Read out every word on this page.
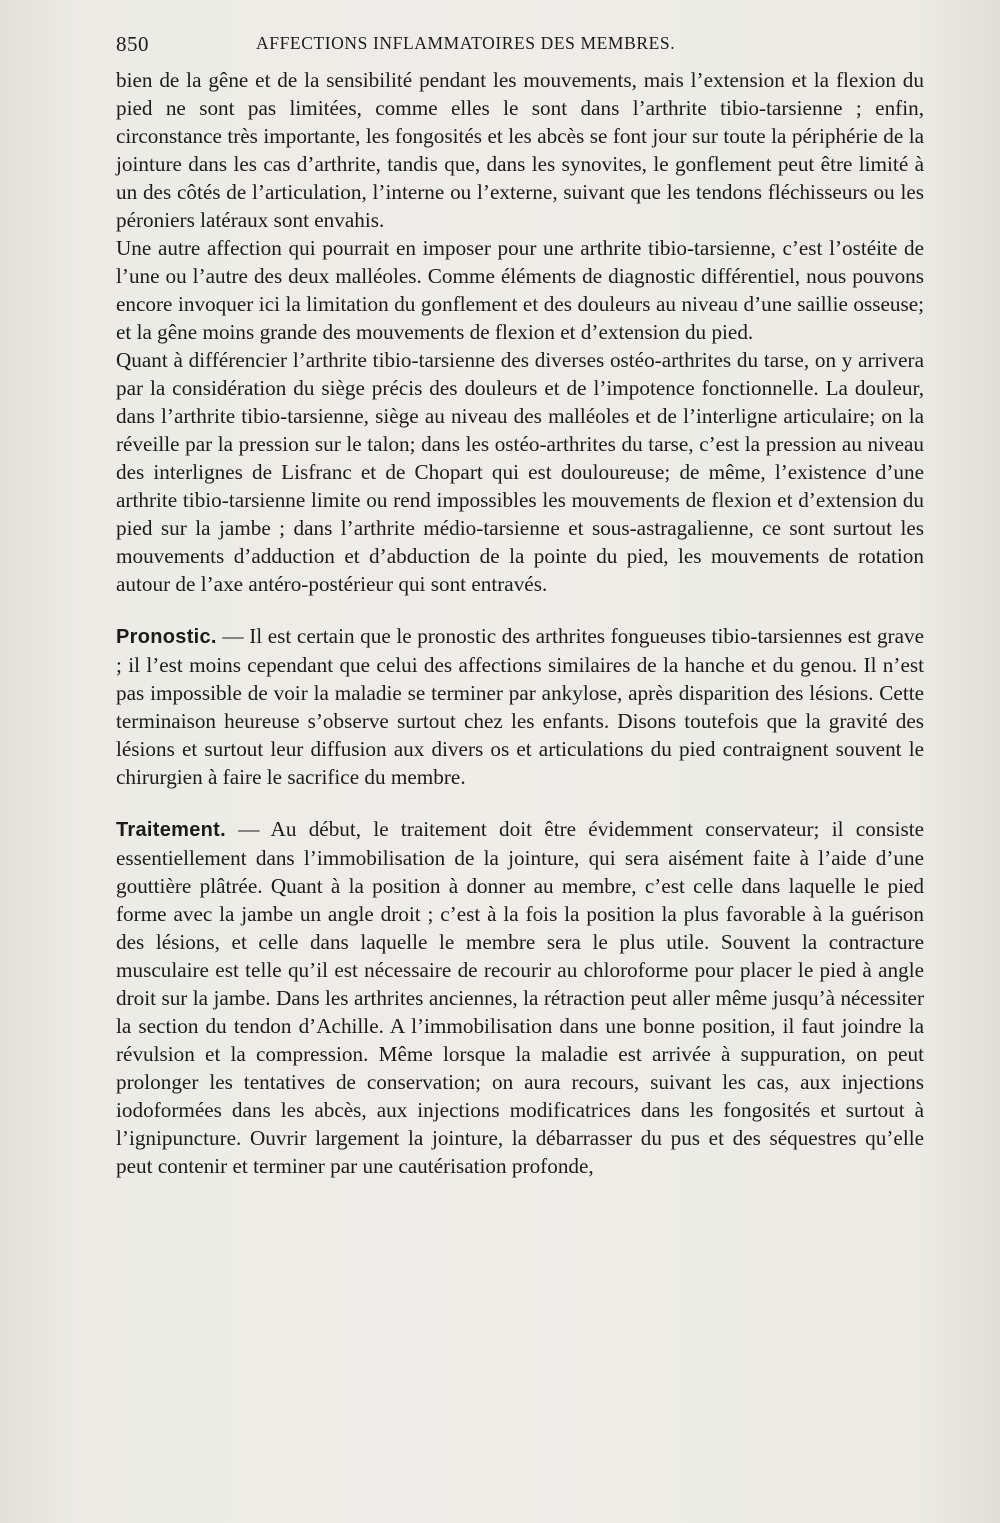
850	AFFECTIONS INFLAMMATOIRES DES MEMBRES.

bien de la gêne et de la sensibilité pendant les mouvements, mais l’extension et la flexion du pied ne sont pas limitées, comme elles le sont dans l’arthrite tibio-tarsienne ; enfin, circonstance très importante, les fongosités et les abcès se font jour sur toute la périphérie de la jointure dans les cas d’arthrite, tandis que, dans les synovites, le gonflement peut être limité à un des côtés de l’articulation, l’interne ou l’externe, suivant que les tendons fléchisseurs ou les péroniers latéraux sont envahis.

Une autre affection qui pourrait en imposer pour une arthrite tibio-tarsienne, c’est l’ostéite de l’une ou l’autre des deux malléoles. Comme éléments de diagnostic différentiel, nous pouvons encore invoquer ici la limitation du gonflement et des douleurs au niveau d’une saillie osseuse; et la gêne moins grande des mouvements de flexion et d’extension du pied.

Quant à différencier l’arthrite tibio-tarsienne des diverses ostéo-arthrites du tarse, on y arrivera par la considération du siège précis des douleurs et de l’impotence fonctionnelle. La douleur, dans l’arthrite tibio-tarsienne, siège au niveau des malléoles et de l’interligne articulaire; on la réveille par la pression sur le talon; dans les ostéo-arthrites du tarse, c’est la pression au niveau des interlignes de Lisfranc et de Chopart qui est douloureuse; de même, l’existence d’une arthrite tibio-tarsienne limite ou rend impossibles les mouvements de flexion et d’extension du pied sur la jambe ; dans l’arthrite médio-tarsienne et sous-astragalienne, ce sont surtout les mouvements d’adduction et d’abduction de la pointe du pied, les mouvements de rotation autour de l’axe antéro-postérieur qui sont entravés.

Pronostic. — Il est certain que le pronostic des arthrites fongueuses tibio-tarsiennes est grave ; il l’est moins cependant que celui des affections similaires de la hanche et du genou. Il n’est pas impossible de voir la maladie se terminer par ankylose, après disparition des lésions. Cette terminaison heureuse s’observe surtout chez les enfants. Disons toutefois que la gravité des lésions et surtout leur diffusion aux divers os et articulations du pied contraignent souvent le chirurgien à faire le sacrifice du membre.

Traitement. — Au début, le traitement doit être évidemment conservateur; il consiste essentiellement dans l’immobilisation de la jointure, qui sera aisément faite à l’aide d’une gouttière plâtrée. Quant à la position à donner au membre, c’est celle dans laquelle le pied forme avec la jambe un angle droit ; c’est à la fois la position la plus favorable à la guérison des lésions, et celle dans laquelle le membre sera le plus utile. Souvent la contracture musculaire est telle qu’il est nécessaire de recourir au chloroforme pour placer le pied à angle droit sur la jambe. Dans les arthrites anciennes, la rétraction peut aller même jusqu’à nécessiter la section du tendon d’Achille. A l’immobilisation dans une bonne position, il faut joindre la révulsion et la compression. Même lorsque la maladie est arrivée à suppuration, on peut prolonger les tentatives de conservation; on aura recours, suivant les cas, aux injections iodoformées dans les abcès, aux injections modificatrices dans les fongosités et surtout à l’ignipuncture. Ouvrir largement la jointure, la débarrasser du pus et des séquestres qu’elle peut contenir et terminer par une cautérisation profonde,
